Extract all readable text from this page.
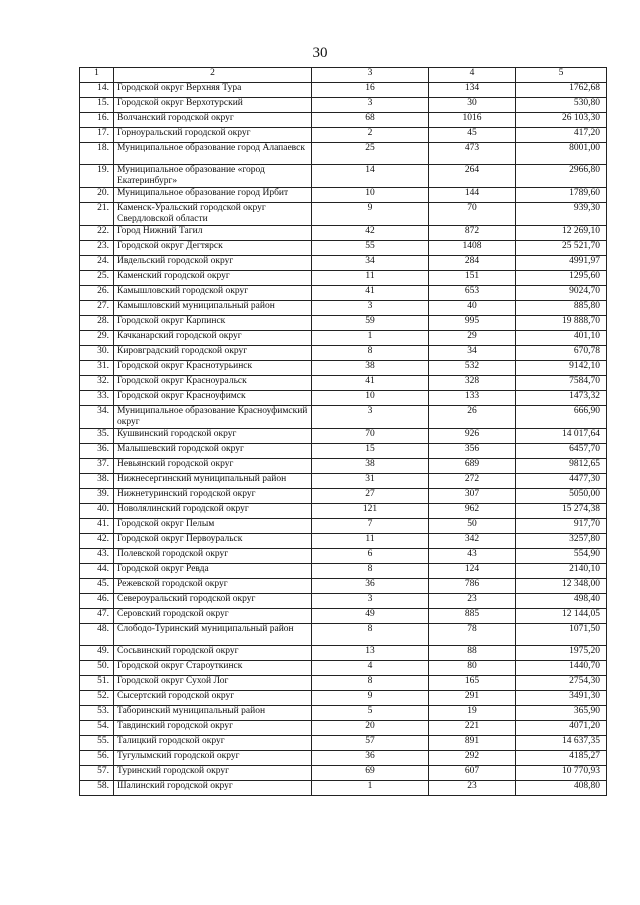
30
1	2	3	4	5
14.	Городской округ Верхняя Тура	16	134	1762,68
15.	Городской округ Верхотурский	3	30	530,80
16.	Волчанский городской округ	68	1016	26 103,30
17.	Горноуральский городской округ	2	45	417,20
18.	Муниципальное образование город Алапаевск	25	473	8001,00
19.	Муниципальное образование «город Екатеринбург»	14	264	2966,80
20.	Муниципальное образование город Ирбит	10	144	1789,60
21.	Каменск-Уральский городской округ Свердловской области	9	70	939,30
22.	Город Нижний Тагил	42	872	12 269,10
23.	Городской округ Дегтярск	55	1408	25 521,70
24.	Ивдельский городской округ	34	284	4991,97
25.	Каменский городской округ	11	151	1295,60
26.	Камышловский городской округ	41	653	9024,70
27.	Камышловский муниципальный район	3	40	885,80
28.	Городской округ Карпинск	59	995	19 888,70
29.	Качканарский городской округ	1	29	401,10
30.	Кировградский городской округ	8	34	670,78
31.	Городской округ Краснотурьинск	38	532	9142,10
32.	Городской округ Красноуральск	41	328	7584,70
33.	Городской округ Красноуфимск	10	133	1473,32
34.	Муниципальное образование Красноуфимский округ	3	26	666,90
35.	Кушвинский городской округ	70	926	14 017,64
36.	Малышевский городской округ	15	356	6457,70
37.	Невьянский городской округ	38	689	9812,65
38.	Нижнесергинский муниципальный район	31	272	4477,30
39.	Нижнетуринский городской округ	27	307	5050,00
40.	Новолялинский городской округ	121	962	15 274,38
41.	Городской округ Пелым	7	50	917,70
42.	Городской округ Первоуральск	11	342	3257,80
43.	Полевской городской округ	6	43	554,90
44.	Городской округ Ревда	8	124	2140,10
45.	Режевской городской округ	36	786	12 348,00
46.	Североуральский городской округ	3	23	498,40
47.	Серовский городской округ	49	885	12 144,05
48.	Слободо-Туринский муниципальный район	8	78	1071,50
49.	Сосьвинский городской округ	13	88	1975,20
50.	Городской округ Староуткинск	4	80	1440,70
51.	Городской округ Сухой Лог	8	165	2754,30
52.	Сысертский городской округ	9	291	3491,30
53.	Таборинский муниципальный район	5	19	365,90
54.	Тавдинский городской округ	20	221	4071,20
55.	Талицкий городской округ	57	891	14 637,35
56.	Тугулымский городской округ	36	292	4185,27
57.	Туринский городской округ	69	607	10 770,93
58.	Шалинский городской округ	1	23	408,80
